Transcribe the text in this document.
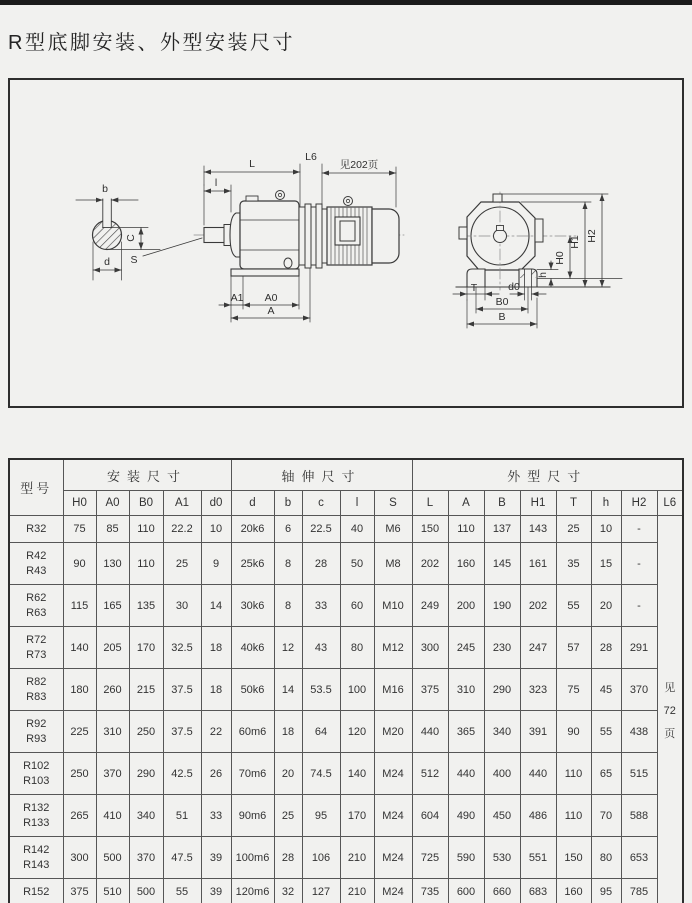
R型底脚安装、外型安装尺寸
b
C
d
l
L
L6
见202页
S
A1 A0
A
h
H0
H1 H2
T	d0
B0
B
型号	安装尺寸					轴伸尺寸					外型尺寸							
	H0	A0	B0	A1	d0	d	b	c	l	S	L	A	B	H1	T	h	H2	L6

R32	75	85	110	22.2	10	20k6	6	22.5	40	M6	150	110	137	143	25	10	-	见
72
页

R42
R43	90	130	110	25	9	25k6	8	28	50	M8	202	160	145	161	35	15	-	

R62
R63	115	165	135	30	14	30k6	8	33	60	M10	249	200	190	202	55	20	-	

R72
R73	140	205	170	32.5	18	40k6	12	43	80	M12	300	245	230	247	57	28	291	

R82
R83	180	260	215	37.5	18	50k6	14	53.5	100	M16	375	310	290	323	75	45	370	

R92
R93	225	310	250	37.5	22	60m6	18	64	120	M20	440	365	340	391	90	55	438	

R102
R103	250	370	290	42.5	26	70m6	20	74.5	140	M24	512	440	400	440	110	65	515	

R132
R133	265	410	340	51	33	90m6	25	95	170	M24	604	490	450	486	110	70	588	

R142
R143	300	500	370	47.5	39	100m6	28	106	210	M24	725	590	530	551	150	80	653	

R152	375	510	500	55	39	120m6	32	127	210	M24	735	600	660	683	160	95	785	
